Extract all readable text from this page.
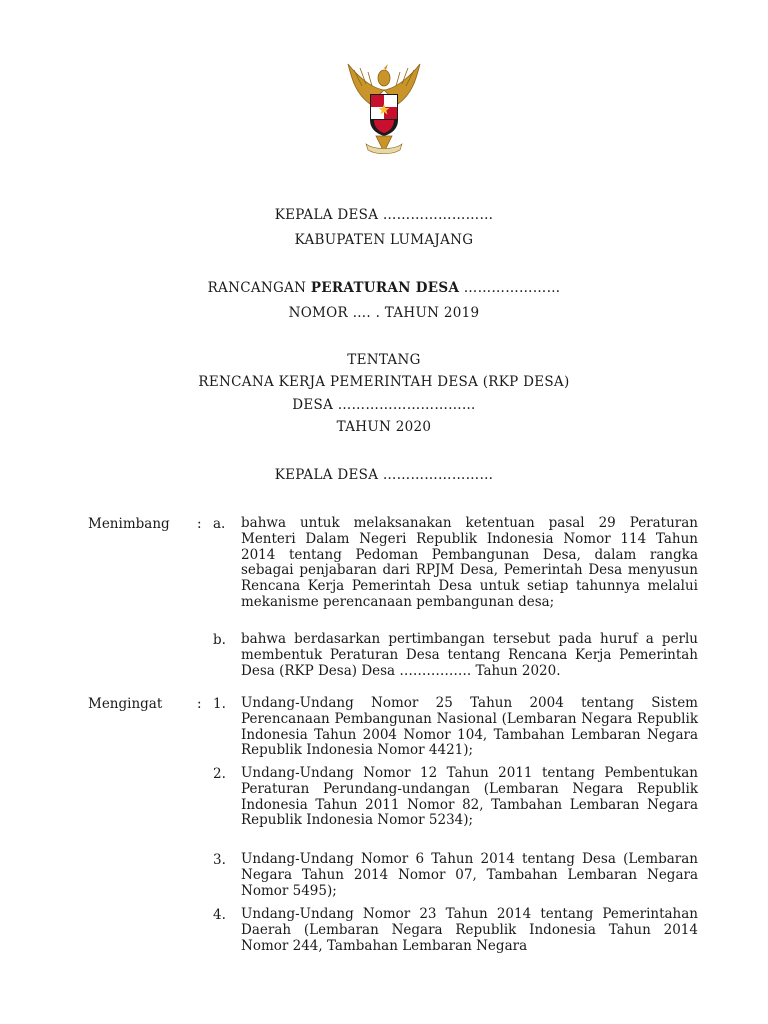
KEPALA DESA ……………………
KABUPATEN LUMAJANG
RANCANGAN PERATURAN DESA …………………
NOMOR …. . TAHUN 2019
TENTANG
RENCANA KERJA PEMERINTAH DESA (RKP DESA)
DESA …………………………
TAHUN 2020
KEPALA DESA ……………………
Menimbang : a.	bahwa untuk melaksanakan ketentuan pasal 29 Peraturan Menteri Dalam Negeri Republik Indonesia Nomor 114 Tahun 2014 tentang Pedoman Pembangunan Desa, dalam rangka sebagai penjabaran dari RPJM Desa, Pemerintah Desa menyusun Rencana Kerja Pemerintah Desa untuk setiap tahunnya melalui mekanisme perencanaan pembangunan desa;
b.	bahwa berdasarkan pertimbangan tersebut pada huruf a perlu membentuk Peraturan Desa tentang Rencana Kerja Pemerintah Desa (RKP Desa) Desa ……………. Tahun 2020.
Mengingat	: 1.	Undang-Undang Nomor 25 Tahun 2004 tentang Sistem Perencanaan Pembangunan Nasional (Lembaran Negara Republik Indonesia Tahun 2004 Nomor 104, Tambahan Lembaran Negara Republik Indonesia Nomor 4421);
2.	Undang-Undang Nomor 12 Tahun 2011 tentang Pembentukan Peraturan Perundang-undangan (Lembaran Negara Republik Indonesia Tahun 2011 Nomor 82, Tambahan Lembaran Negara Republik Indonesia Nomor 5234);
3.	Undang-Undang Nomor 6 Tahun 2014 tentang Desa (Lembaran Negara Tahun 2014 Nomor 07, Tambahan Lembaran Negara Nomor 5495);
4.	Undang-Undang Nomor 23 Tahun 2014 tentang Pemerintahan Daerah (Lembaran Negara Republik Indonesia Tahun 2014 Nomor 244, Tambahan Lembaran Negara
